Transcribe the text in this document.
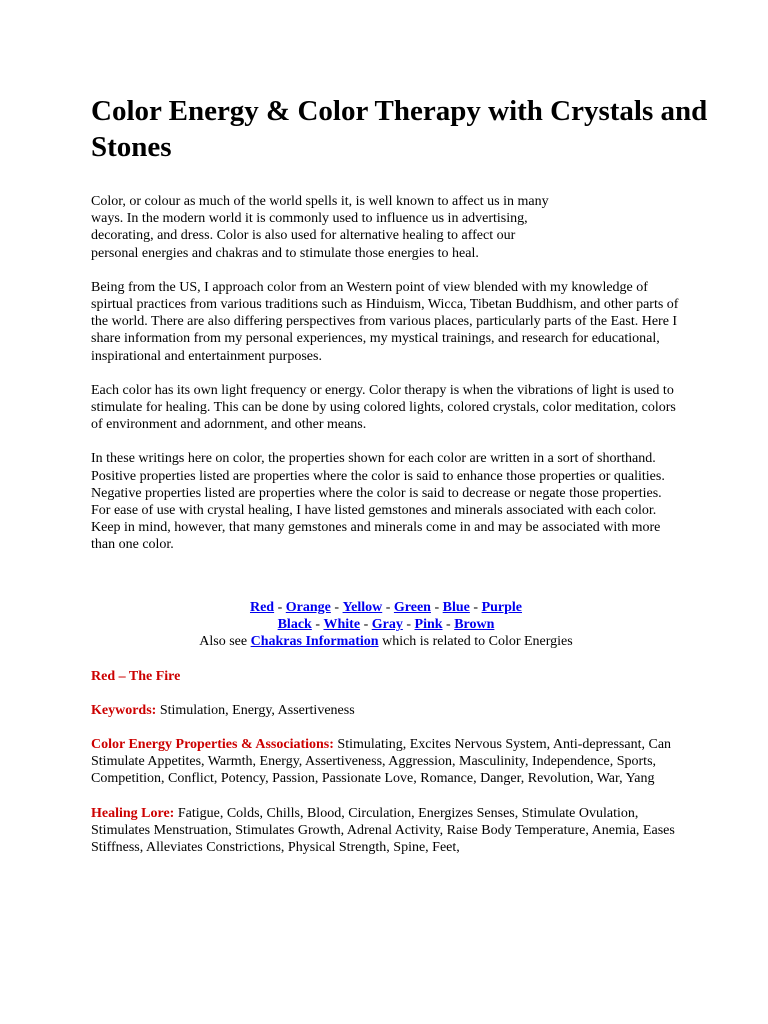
Color Energy & Color Therapy with Crystals and Stones

Color, or colour as much of the world spells it, is well known to affect us in many ways. In the modern world it is commonly used to influence us in advertising, decorating, and dress. Color is also used for alternative healing to affect our personal energies and chakras and to stimulate those energies to heal.

Being from the US, I approach color from an Western point of view blended with my knowledge of spirtual practices from various traditions such as Hinduism, Wicca, Tibetan Buddhism, and other parts of the world. There are also differing perspectives from various places, particularly parts of the East. Here I share information from my personal experiences, my mystical trainings, and research for educational, inspirational and entertainment purposes.

Each color has its own light frequency or energy. Color therapy is when the vibrations of light is used to stimulate for healing. This can be done by using colored lights, colored crystals, color meditation, colors of environment and adornment, and other means.

In these writings here on color, the properties shown for each color are written in a sort of shorthand. Positive properties listed are properties where the color is said to enhance those properties or qualities. Negative properties listed are properties where the color is said to decrease or negate those properties. For ease of use with crystal healing, I have listed gemstones and minerals associated with each color. Keep in mind, however, that many gemstones and minerals come in and may be associated with more than one color.

Red - Orange - Yellow - Green - Blue - Purple
Black - White - Gray - Pink - Brown
Also see Chakras Information which is related to Color Energies

Red – The Fire

Keywords: Stimulation, Energy, Assertiveness

Color Energy Properties & Associations: Stimulating, Excites Nervous System, Anti-depressant, Can Stimulate Appetites, Warmth, Energy, Assertiveness, Aggression, Masculinity, Independence, Sports, Competition, Conflict, Potency, Passion, Passionate Love, Romance, Danger, Revolution, War, Yang

Healing Lore: Fatigue, Colds, Chills, Blood, Circulation, Energizes Senses, Stimulate Ovulation, Stimulates Menstruation, Stimulates Growth, Adrenal Activity, Raise Body Temperature, Anemia, Eases Stiffness, Alleviates Constrictions, Physical Strength, Spine, Feet,
